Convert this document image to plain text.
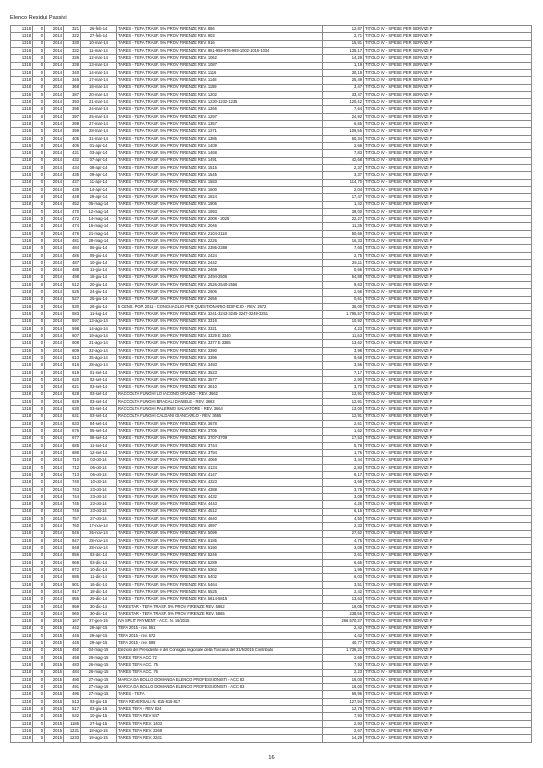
Elenco Residui Passivi
1318	0	2014	321	26-feb-14	TARES - TEFA TRASF. 5% PROV FIRENZE REV. 886	12,87	TITOLO IV - SPESE PER SERVIZI P
1318	0	2014	322	27-feb-14	TARES - TEFA TRASF. 5% PROV FIRENZE REV. 903	2,71	TITOLO IV - SPESE PER SERVIZI P
1318	0	2014	330	10-mar-14	TARES - TEFA TRASF. 5% PROV FIRENZE REV. 916	15,81	TITOLO IV - SPESE PER SERVIZI P
1318	0	2014	332	11-mar-14	TARES - TEFA TRASF. 5% PROV FIRENZE REV. 951-959-976-993-1002-1016-1034	135,17	TITOLO IV - SPESE PER SERVIZI P
1318	0	2014	336	12-mar-14	TARES - TEFA TRASF. 5% PROV FIRENZE REV. 1062	14,29	TITOLO IV - SPESE PER SERVIZI P
1318	0	2014	338	13-mar-14	TARES - TEFA TRASF. 5% PROV FIRENZE REV. 1087	1,19	TITOLO IV - SPESE PER SERVIZI P
1318	0	2014	340	14-mar-14	TARES - TEFA TRASF. 5% PROV FIRENZE REV. 1116	30,19	TITOLO IV - SPESE PER SERVIZI P
1318	0	2014	345	17-mar-14	TARES - TEFA TRASF. 5% PROV FIRENZE REV. 1148	25,49	TITOLO IV - SPESE PER SERVIZI P
1318	0	2014	368	18-mar-14	TARES - TEFA TRASF. 5% PROV FIRENZE REV. 1159	3,47	TITOLO IV - SPESE PER SERVIZI P
1318	0	2014	387	20-mar-14	TARES - TEFA TRASF. 5% PROV FIRENZE REV. 1202	33,47	TITOLO IV - SPESE PER SERVIZI P
1318	0	2014	393	21-mar-14	TARES - TEFA TRASF. 5% PROV FIRENZE REV. 1230-1232-1235	120,42	TITOLO IV - SPESE PER SERVIZI P
1318	0	2014	395	24-mar-14	TARES - TEFA TRASF. 5% PROV FIRENZE REV. 1266	7,64	TITOLO IV - SPESE PER SERVIZI P
1318	0	2014	397	25-mar-14	TARES - TEFA TRASF. 5% PROV FIRENZE REV. 1297	24,92	TITOLO IV - SPESE PER SERVIZI P
1318	0	2014	398	27-mar-14	TARES - TEFA TRASF. 5% PROV FIRENZE REV. 1357	6,55	TITOLO IV - SPESE PER SERVIZI P
1318	0	2014	399	28-mar-14	TARES - TEFA TRASF. 5% PROV FIRENZE REV. 1371	106,55	TITOLO IV - SPESE PER SERVIZI P
1318	0	2014	405	31-mar-14	TARES - TEFA TRASF. 5% PROV FIRENZE REV. 1385	60,34	TITOLO IV - SPESE PER SERVIZI P
1318	0	2014	406	01-apr-14	TARES - TEFA TRASF. 5% PROV FIRENZE REV. 1409	2,66	TITOLO IV - SPESE PER SERVIZI P
1318	0	2014	431	03-apr-14	TARES - TEFA TRASF. 5% PROV FIRENZE REV. 1468	7,83	TITOLO IV - SPESE PER SERVIZI P
1318	0	2014	432	07-apr-14	TARES - TEFA TRASF. 5% PROV FIRENZE REV. 1491	42,68	TITOLO IV - SPESE PER SERVIZI P
1318	0	2014	434	08-apr-14	TARES - TEFA TRASF. 5% PROV FIRENZE REV. 1515	2,37	TITOLO IV - SPESE PER SERVIZI P
1318	0	2014	435	09-apr-14	TARES - TEFA TRASF. 5% PROV FIRENZE REV. 1545	3,37	TITOLO IV - SPESE PER SERVIZI P
1318	0	2014	437	11-apr-14	TARES - TEFA TRASF. 5% PROV FIRENZE REV. 1583	114,70	TITOLO IV - SPESE PER SERVIZI P
1318	0	2014	439	14-apr-14	TARES - TEFA TRASF. 5% PROV FIRENZE REV. 1600	2,04	TITOLO IV - SPESE PER SERVIZI P
1318	0	2014	448	29-apr-14	TARES - TEFA TRASF. 5% PROV FIRENZE REV. 1824	17,47	TITOLO IV - SPESE PER SERVIZI P
1318	0	2014	452	05-mag-14	TARES - TEFA TRASF. 5% PROV FIRENZE REV. 1906	1,42	TITOLO IV - SPESE PER SERVIZI P
1318	0	2014	470	12-mag-14	TARES - TEFA TRASF. 5% PROV FIRENZE REV. 1993	39,00	TITOLO IV - SPESE PER SERVIZI P
1318	0	2014	472	14-mag-14	TARES - TEFA TRASF. 5% PROV FIRENZE REV. 2009 - 2025	22,27	TITOLO IV - SPESE PER SERVIZI P
1318	0	2014	474	16-mag-14	TARES - TEFA TRASF. 5% PROV FIRENZE REV. 2046	11,35	TITOLO IV - SPESE PER SERVIZI P
1318	0	2014	476	21-mag-14	TARES - TEFA TRASF. 5% PROV FIRENZE REV. 2104-2118	50,66	TITOLO IV - SPESE PER SERVIZI P
1318	0	2014	481	28-mag-14	TARES - TEFA TRASF. 5% PROV FIRENZE REV. 2226	16,33	TITOLO IV - SPESE PER SERVIZI P
1318	0	2014	484	06-giu-14	TARES - TEFA TRASF. 5% PROV FIRENZE REV. 2386-2388	7,60	TITOLO IV - SPESE PER SERVIZI P
1318	0	2014	486	09-giu-14	TARES - TEFA TRASF. 5% PROV FIRENZE REV. 2424	2,75	TITOLO IV - SPESE PER SERVIZI P
1318	0	2014	487	10-giu-14	TARES - TEFA TRASF. 5% PROV FIRENZE REV. 2442	25,11	TITOLO IV - SPESE PER SERVIZI P
1318	0	2014	488	11-giu-14	TARES - TEFA TRASF. 5% PROV FIRENZE REV. 2469	0,66	TITOLO IV - SPESE PER SERVIZI P
1318	0	2014	498	16-giu-14	TARES - TEFA TRASF. 5% PROV FIRENZE REV. 2494-2506	54,88	TITOLO IV - SPESE PER SERVIZI P
1318	0	2014	512	20-giu-14	TARES - TEFA TRASF. 5% PROV FIRENZE REV. 2526-2540-2556	9,63	TITOLO IV - SPESE PER SERVIZI P
1318	0	2014	525	24-giu-14	TARES - TEFA TRASF. 5% PROV FIRENZE REV. 2606	2,66	TITOLO IV - SPESE PER SERVIZI P
1318	0	2014	527	25-giu-14	TARES - TEFA TRASF. 5% PROV FIRENZE REV. 2656	0,61	TITOLO IV - SPESE PER SERVIZI P
1318	0	2014	530	26-giu-14	5 CENS. POP. 2011 - CONGUAGLIO PER QUESTIONARIO EDIFICIO - REV. 2672	36,00	TITOLO IV - SPESE PER SERVIZI P
1318	0	2014	583	11-lug-14	TARES - TEFA TRASF. 5% PROV FIRENZE REV. 3241-3243-3245-3247-3249-3251	1.795,57	TITOLO IV - SPESE PER SERVIZI P
1318	0	2014	597	13-ago-14	TARES - TEFA TRASF. 5% PROV FIRENZE REV. 3316	10,92	TITOLO IV - SPESE PER SERVIZI P
1318	0	2014	598	14-ago-14	TARES - TEFA TRASF. 5% PROV FIRENZE REV. 3321	4,23	TITOLO IV - SPESE PER SERVIZI P
1318	0	2014	607	19-ago-14	TARES - TEFA TRASF. 5% PROV FIRENZE REV. 3329 E 3340	11,63	TITOLO IV - SPESE PER SERVIZI P
1318	0	2014	608	21-ago-14	TARES - TEFA TRASF. 5% PROV FIRENZE REV. 3377 E 3385	13,62	TITOLO IV - SPESE PER SERVIZI P
1318	0	2014	609	22-ago-14	TARES - TEFA TRASF. 5% PROV FIRENZE REV. 3390	3,98	TITOLO IV - SPESE PER SERVIZI P
1318	0	2014	613	25-ago-14	TARES - TEFA TRASF. 5% PROV FIRENZE REV. 3396	8,68	TITOLO IV - SPESE PER SERVIZI P
1318	0	2014	616	28-ago-14	TARES - TEFA TRASF. 5% PROV FIRENZE REV. 3493	3,56	TITOLO IV - SPESE PER SERVIZI P
1318	0	2014	619	01-set-14	TARES - TEFA TRASF. 5% PROV FIRENZE REV. 3523	7,17	TITOLO IV - SPESE PER SERVIZI P
1318	0	2014	620	02-set-14	TARES - TEFA TRASF. 5% PROV FIRENZE REV. 3577	2,90	TITOLO IV - SPESE PER SERVIZI P
1318	0	2014	621	03-set-14	TARES - TEFA TRASF. 5% PROV FIRENZE REV. 3610	3,70	TITOLO IV - SPESE PER SERVIZI P
1318	0	2014	628	03-set-14	RACCOLTA FUNGHI LO IACONO ORAZIO - REV. 3662	12,91	TITOLO IV - SPESE PER SERVIZI P
1318	0	2014	629	03-set-14	RACCOLTA FUNGHI BRACALI DANIELE - REV. 3663	12,91	TITOLO IV - SPESE PER SERVIZI P
1318	0	2014	630	03-set-14	RACCOLTA FUNGHI PALERMO SALVATORE - REV. 3664	13,00	TITOLO IV - SPESE PER SERVIZI P
1318	0	2014	631	03-set-14	RACCOLTA FUNGHI CALDANI GIANCARLO - REV. 3665	12,91	TITOLO IV - SPESE PER SERVIZI P
1318	0	2014	633	04-set-14	TARES - TEFA TRASF. 5% PROV FIRENZE REV. 3678	2,61	TITOLO IV - SPESE PER SERVIZI P
1318	0	2014	676	05-set-14	TARES - TEFA TRASF. 5% PROV FIRENZE REV. 3705	1,62	TITOLO IV - SPESE PER SERVIZI P
1318	0	2014	677	08-set-14	TARES - TEFA TRASF. 5% PROV FIRENZE REV. 3707-3709	17,53	TITOLO IV - SPESE PER SERVIZI P
1318	0	2014	685	11-set-14	TARES - TEFA TRASF. 5% PROV FIRENZE REV. 3744	5,78	TITOLO IV - SPESE PER SERVIZI P
1318	0	2014	688	12-set-14	TARES - TEFA TRASF. 5% PROV FIRENZE REV. 3794	1,76	TITOLO IV - SPESE PER SERVIZI P
1318	0	2014	710	03-ott-14	TARES - TEFA TRASF. 5% PROV FIRENZE REV. 4069	3,44	TITOLO IV - SPESE PER SERVIZI P
1318	0	2014	712	06-ott-14	TARES - TEFA TRASF. 5% PROV FIRENZE REV. 4134	2,83	TITOLO IV - SPESE PER SERVIZI P
1318	0	2014	713	06-ott-14	TARES - TEFA TRASF. 5% PROV FIRENZE REV. 4147	6,17	TITOLO IV - SPESE PER SERVIZI P
1318	0	2014	740	10-ott-14	TARES - TEFA TRASF. 5% PROV FIRENZE REV. 4323	3,68	TITOLO IV - SPESE PER SERVIZI P
1318	0	2014	743	23-ott-14	TARES - TEFA TRASF. 5% PROV FIRENZE REV. 4388	3,75	TITOLO IV - SPESE PER SERVIZI P
1318	0	2014	744	23-ott-14	TARES - TEFA TRASF. 5% PROV FIRENZE REV. 4432	3,09	TITOLO IV - SPESE PER SERVIZI P
1318	0	2014	745	23-ott-14	TARES - TEFA TRASF. 5% PROV FIRENZE REV. 4443	4,26	TITOLO IV - SPESE PER SERVIZI P
1318	0	2014	746	23-ott-14	TARES - TEFA TRASF. 5% PROV FIRENZE REV. 4512	6,16	TITOLO IV - SPESE PER SERVIZI P
1318	0	2014	757	27-ott-14	TARES - TEFA TRASF. 5% PROV FIRENZE REV. 4640	4,50	TITOLO IV - SPESE PER SERVIZI P
1318	0	2014	760	17-nov-14	TARES - TEFA TRASF. 5% PROV FIRENZE REV. 4897	2,33	TITOLO IV - SPESE PER SERVIZI P
1318	0	2014	846	26-nov-14	TARES - TEFA TRASF. 5% PROV FIRENZE REV. 5099	27,62	TITOLO IV - SPESE PER SERVIZI P
1318	0	2014	847	28-nov-14	TARES - TEFA TRASF. 5% PROV FIRENZE REV. 5185	4,75	TITOLO IV - SPESE PER SERVIZI P
1318	0	2014	848	28-nov-14	TARES - TEFA TRASF. 5% PROV FIRENZE REV. 5190	3,09	TITOLO IV - SPESE PER SERVIZI P
1318	0	2014	856	02-dic-14	TARES - TEFA TRASF. 5% PROV FIRENZE REV. 5246	2,61	TITOLO IV - SPESE PER SERVIZI P
1318	0	2014	868	03-dic-14	TARES - TEFA TRASF. 5% PROV FIRENZE REV. 5289	6,65	TITOLO IV - SPESE PER SERVIZI P
1318	0	2014	872	10-dic-14	TARES - TEFA TRASF. 5% PROV FIRENZE REV. 5362	1,95	TITOLO IV - SPESE PER SERVIZI P
1318	0	2014	885	11-dic-14	TARES - TEFA TRASF. 5% PROV FIRENZE REV. 5402	6,03	TITOLO IV - SPESE PER SERVIZI P
1318	0	2014	901	16-dic-14	TARES - TEFA TRASF. 5% PROV FIRENZE REV. 5464	3,51	TITOLO IV - SPESE PER SERVIZI P
1318	0	2014	917	18-dic-14	TARES - TEFA TRASF. 5% PROV FIRENZE REV. 5525	2,42	TITOLO IV - SPESE PER SERVIZI P
1318	0	2014	955	29-dic-14	TARES - TEFA TRASF. 5% PROV FIRENZE REV. 5814-5815	13,63	TITOLO IV - SPESE PER SERVIZI P
1318	0	2014	959	30-dic-14	TARESTAR - TEFA TRASF. 5% PROV FIRENZE REV. 5862	19,05	TITOLO IV - SPESE PER SERVIZI P
1318	0	2014	960	30-dic-14	TARESTAR - TEFA TRASF. 5% PROV FIRENZE REV. 5865	238,56	TITOLO IV - SPESE PER SERVIZI P
1318	0	2015	167	27-gen-15	IVA SPLIT PAYMENT - ACC. N. 16/2015	266.570,37	TITOLO IV - SPESE PER SERVIZI P
1318	0	2015	442	28-apr-15	TEFA 2015 - rev. 551	2,42	TITOLO IV - SPESE PER SERVIZI P
1318	0	2015	445	29-apr-15	TEFA 2015 - rev. 572	4,42	TITOLO IV - SPESE PER SERVIZI P
1318	0	2015	446	29-apr-15	TEFA 2015 - rev. 599	40,77	TITOLO IV - SPESE PER SERVIZI P
1318	0	2015	450	04-mag-15	Elezioni del Presidente e del Consiglio regionale della Toscana del 31/5/2015 Contributo	1.736,21	TITOLO IV - SPESE PER SERVIZI P
1318	0	2015	458	29-mag-15	TARES TEFA ACC 72	2,69	TITOLO IV - SPESE PER SERVIZI P
1318	0	2015	483	26-mag-15	TARES TEFA ACC. 75	7,93	TITOLO IV - SPESE PER SERVIZI P
1318	0	2015	484	26-mag-15	TARES TEFA ACC. 76	2,23	TITOLO IV - SPESE PER SERVIZI P
1318	0	2015	490	27-mag-15	MARCA DA BOLLO DOMANDA ELENCO PROFESSIONISTI - ACC 82	16,00	TITOLO IV - SPESE PER SERVIZI P
1318	0	2015	491	27-mag-15	MARCA DA BOLLO DOMANDA ELENCO PROFESSIONISTI - ACC 83	16,00	TITOLO IV - SPESE PER SERVIZI P
1318	0	2015	496	27-mag-15	TARES - TEFA	69,96	TITOLO IV - SPESE PER SERVIZI P
1318	0	2015	513	03-giu-15	TEFA REVERSALI N. 815-816-817	127,94	TITOLO IV - SPESE PER SERVIZI P
1318	0	2015	517	03-giu-15	TARES TEFA - REV 824	12,78	TITOLO IV - SPESE PER SERVIZI P
1318	0	2015	532	10-giu-15	TARES TEFA REV 847	7,93	TITOLO IV - SPESE PER SERVIZI P
1318	0	2015	1186	27-lug-15	TARES TEFA REV. 1403	2,93	TITOLO IV - SPESE PER SERVIZI P
1318	0	2015	1231	18-ago-15	TARES TEFA REV. 2269	2,67	TITOLO IV - SPESE PER SERVIZI P
1318	0	2015	1233	19-ago-15	TARES TEFA REV. 2341	14,29	TITOLO IV - SPESE PER SERVIZI P
16
